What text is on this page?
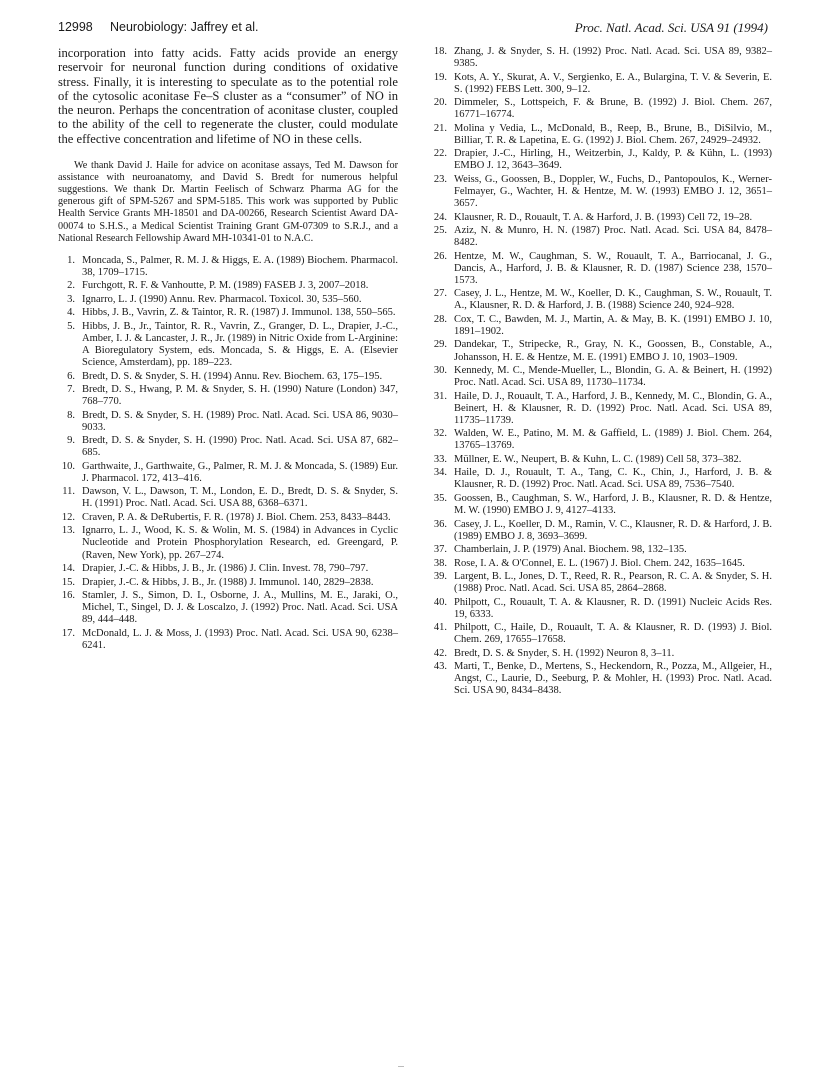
12998 Neurobiology: Jaffrey et al.	Proc. Natl. Acad. Sci. USA 91 (1994)

incorporation into fatty acids. Fatty acids provide an energy reservoir for neuronal function during conditions of oxidative stress. Finally, it is interesting to speculate as to the potential role of the cytosolic aconitase Fe–S cluster as a “consumer” of NO in the neuron. Perhaps the concentration of aconitase cluster, coupled to the ability of the cell to regenerate the cluster, could modulate the effective concentration and lifetime of NO in these cells.

We thank David J. Haile for advice on aconitase assays, Ted M. Dawson for assistance with neuroanatomy, and David S. Bredt for numerous helpful suggestions. We thank Dr. Martin Feelisch of Schwarz Pharma AG for the generous gift of SPM-5267 and SPM-5185. This work was supported by Public Health Service Grants MH-18501 and DA-00266, Research Scientist Award DA-00074 to S.H.S., a Medical Scientist Training Grant GM-07309 to S.R.J., and a National Research Fellowship Award MH-10341-01 to N.A.C.

1. Moncada, S., Palmer, R. M. J. & Higgs, E. A. (1989) Biochem. Pharmacol. 38, 1709–1715.
2. Furchgott, R. F. & Vanhoutte, P. M. (1989) FASEB J. 3, 2007–2018.
3. Ignarro, L. J. (1990) Annu. Rev. Pharmacol. Toxicol. 30, 535–560.
4. Hibbs, J. B., Vavrin, Z. & Taintor, R. R. (1987) J. Immunol. 138, 550–565.
5. Hibbs, J. B., Jr., Taintor, R. R., Vavrin, Z., Granger, D. L., Drapier, J.-C., Amber, I. J. & Lancaster, J. R., Jr. (1989) in Nitric Oxide from L-Arginine: A Bioregulatory System, eds. Moncada, S. & Higgs, E. A. (Elsevier Science, Amsterdam), pp. 189–223.
6. Bredt, D. S. & Snyder, S. H. (1994) Annu. Rev. Biochem. 63, 175–195.
7. Bredt, D. S., Hwang, P. M. & Snyder, S. H. (1990) Nature (London) 347, 768–770.
8. Bredt, D. S. & Snyder, S. H. (1989) Proc. Natl. Acad. Sci. USA 86, 9030–9033.
9. Bredt, D. S. & Snyder, S. H. (1990) Proc. Natl. Acad. Sci. USA 87, 682–685.
10. Garthwaite, J., Garthwaite, G., Palmer, R. M. J. & Moncada, S. (1989) Eur. J. Pharmacol. 172, 413–416.
11. Dawson, V. L., Dawson, T. M., London, E. D., Bredt, D. S. & Snyder, S. H. (1991) Proc. Natl. Acad. Sci. USA 88, 6368–6371.
12. Craven, P. A. & DeRubertis, F. R. (1978) J. Biol. Chem. 253, 8433–8443.
13. Ignarro, L. J., Wood, K. S. & Wolin, M. S. (1984) in Advances in Cyclic Nucleotide and Protein Phosphorylation Research, ed. Greengard, P. (Raven, New York), pp. 267–274.
14. Drapier, J.-C. & Hibbs, J. B., Jr. (1986) J. Clin. Invest. 78, 790–797.
15. Drapier, J.-C. & Hibbs, J. B., Jr. (1988) J. Immunol. 140, 2829–2838.
16. Stamler, J. S., Simon, D. I., Osborne, J. A., Mullins, M. E., Jaraki, O., Michel, T., Singel, D. J. & Loscalzo, J. (1992) Proc. Natl. Acad. Sci. USA 89, 444–448.
17. McDonald, L. J. & Moss, J. (1993) Proc. Natl. Acad. Sci. USA 90, 6238–6241.
18. Zhang, J. & Snyder, S. H. (1992) Proc. Natl. Acad. Sci. USA 89, 9382–9385.
19. Kots, A. Y., Skurat, A. V., Sergienko, E. A., Bulargina, T. V. & Severin, E. S. (1992) FEBS Lett. 300, 9–12.
20. Dimmeler, S., Lottspeich, F. & Brune, B. (1992) J. Biol. Chem. 267, 16771–16774.
21. Molina y Vedia, L., McDonald, B., Reep, B., Brune, B., DiSilvio, M., Billiar, T. R. & Lapetina, E. G. (1992) J. Biol. Chem. 267, 24929–24932.
22. Drapier, J.-C., Hirling, H., Weitzerbin, J., Kaldy, P. & Kühn, L. (1993) EMBO J. 12, 3643–3649.
23. Weiss, G., Goossen, B., Doppler, W., Fuchs, D., Pantopoulos, K., Werner-Felmayer, G., Wachter, H. & Hentze, M. W. (1993) EMBO J. 12, 3651–3657.
24. Klausner, R. D., Rouault, T. A. & Harford, J. B. (1993) Cell 72, 19–28.
25. Aziz, N. & Munro, H. N. (1987) Proc. Natl. Acad. Sci. USA 84, 8478–8482.
26. Hentze, M. W., Caughman, S. W., Rouault, T. A., Barriocanal, J. G., Dancis, A., Harford, J. B. & Klausner, R. D. (1987) Science 238, 1570–1573.
27. Casey, J. L., Hentze, M. W., Koeller, D. K., Caughman, S. W., Rouault, T. A., Klausner, R. D. & Harford, J. B. (1988) Science 240, 924–928.
28. Cox, T. C., Bawden, M. J., Martin, A. & May, B. K. (1991) EMBO J. 10, 1891–1902.
29. Dandekar, T., Stripecke, R., Gray, N. K., Goossen, B., Constable, A., Johansson, H. E. & Hentze, M. E. (1991) EMBO J. 10, 1903–1909.
30. Kennedy, M. C., Mende-Mueller, L., Blondin, G. A. & Beinert, H. (1992) Proc. Natl. Acad. Sci. USA 89, 11730–11734.
31. Haile, D. J., Rouault, T. A., Harford, J. B., Kennedy, M. C., Blondin, G. A., Beinert, H. & Klausner, R. D. (1992) Proc. Natl. Acad. Sci. USA 89, 11735–11739.
32. Walden, W. E., Patino, M. M. & Gaffield, L. (1989) J. Biol. Chem. 264, 13765–13769.
33. Müllner, E. W., Neupert, B. & Kuhn, L. C. (1989) Cell 58, 373–382.
34. Haile, D. J., Rouault, T. A., Tang, C. K., Chin, J., Harford, J. B. & Klausner, R. D. (1992) Proc. Natl. Acad. Sci. USA 89, 7536–7540.
35. Goossen, B., Caughman, S. W., Harford, J. B., Klausner, R. D. & Hentze, M. W. (1990) EMBO J. 9, 4127–4133.
36. Casey, J. L., Koeller, D. M., Ramin, V. C., Klausner, R. D. & Harford, J. B. (1989) EMBO J. 8, 3693–3699.
37. Chamberlain, J. P. (1979) Anal. Biochem. 98, 132–135.
38. Rose, I. A. & O'Connel, E. L. (1967) J. Biol. Chem. 242, 1635–1645.
39. Largent, B. L., Jones, D. T., Reed, R. R., Pearson, R. C. A. & Snyder, S. H. (1988) Proc. Natl. Acad. Sci. USA 85, 2864–2868.
40. Philpott, C., Rouault, T. A. & Klausner, R. D. (1991) Nucleic Acids Res. 19, 6333.
41. Philpott, C., Haile, D., Rouault, T. A. & Klausner, R. D. (1993) J. Biol. Chem. 269, 17655–17658.
42. Bredt, D. S. & Snyder, S. H. (1992) Neuron 8, 3–11.
43. Marti, T., Benke, D., Mertens, S., Heckendorn, R., Pozza, M., Allgeier, H., Angst, C., Laurie, D., Seeburg, P. & Mohler, H. (1993) Proc. Natl. Acad. Sci. USA 90, 8434–8438.
